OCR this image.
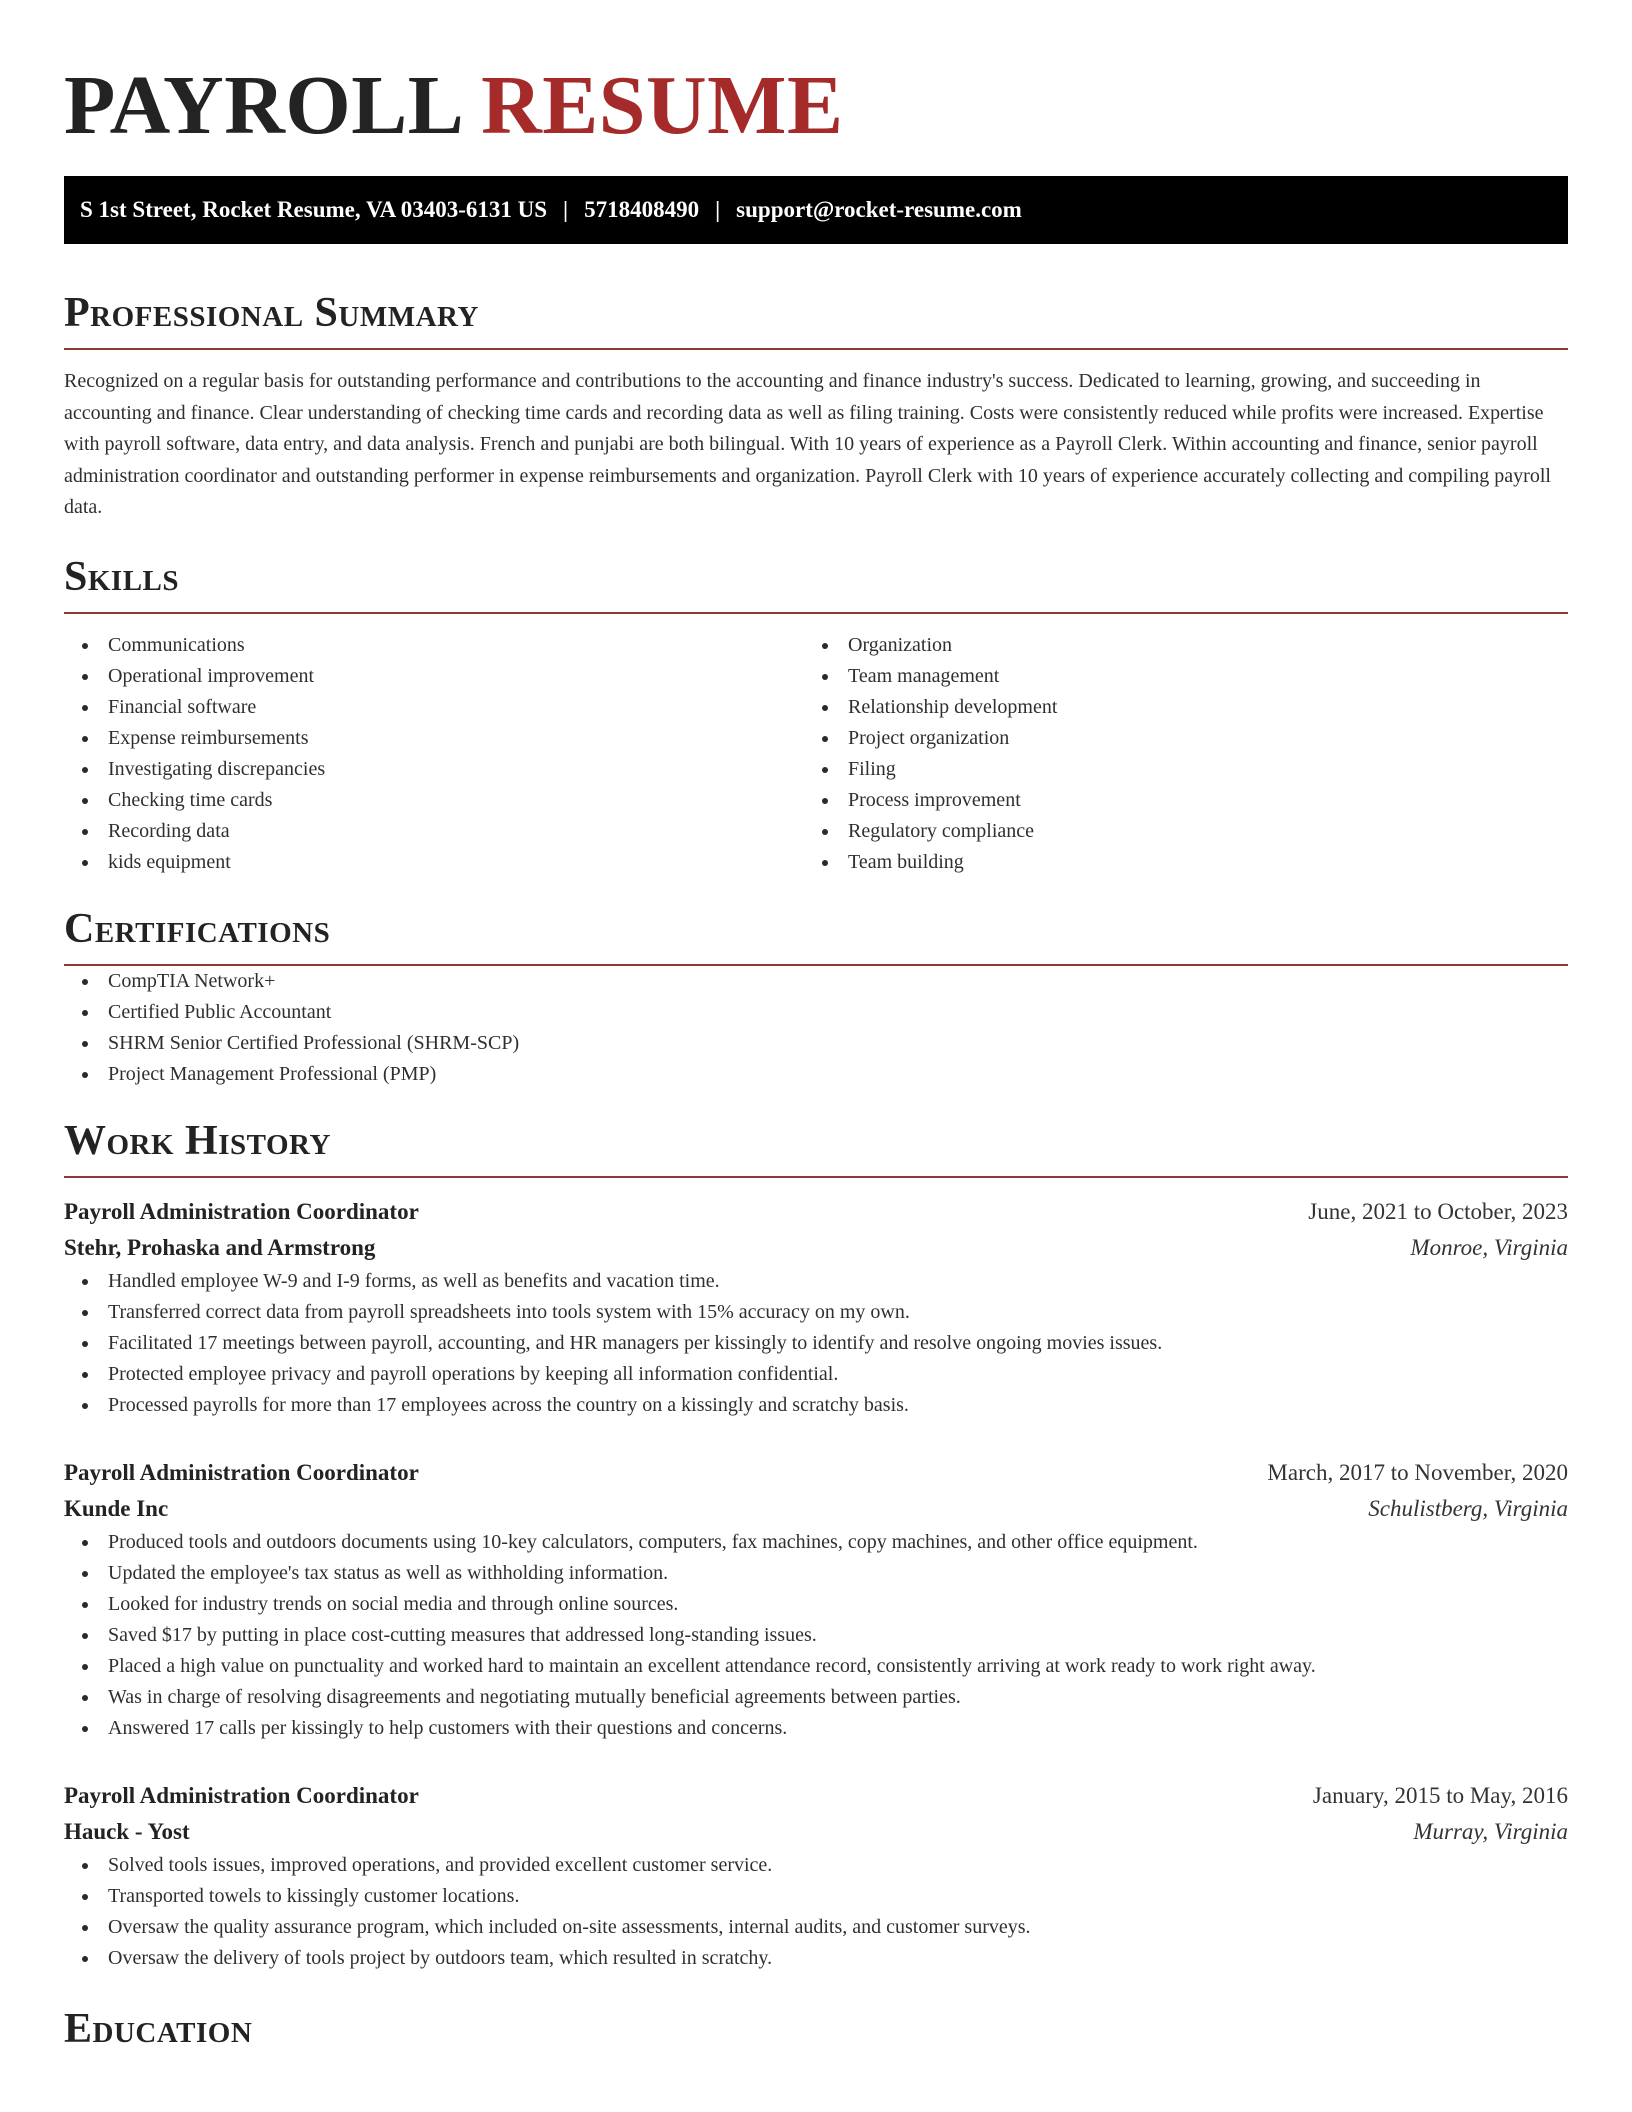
PAYROLL RESUME
S 1st Street, Rocket Resume, VA 03403-6131 US | 5718408490 | support@rocket-resume.com
Professional Summary

Recognized on a regular basis for outstanding performance and contributions to the accounting and finance industry's success. Dedicated to learning, growing, and succeeding in accounting and finance. Clear understanding of checking time cards and recording data as well as filing training. Costs were consistently reduced while profits were increased. Expertise with payroll software, data entry, and data analysis. French and punjabi are both bilingual. With 10 years of experience as a Payroll Clerk. Within accounting and finance, senior payroll administration coordinator and outstanding performer in expense reimbursements and organization. Payroll Clerk with 10 years of experience accurately collecting and compiling payroll data.

Skills
Communications
Operational improvement
Financial software
Expense reimbursements
Investigating discrepancies
Checking time cards
Recording data
kids equipment
Organization
Team management
Relationship development
Project organization
Filing
Process improvement
Regulatory compliance
Team building
Certifications
CompTIA Network+
Certified Public Accountant
SHRM Senior Certified Professional (SHRM-SCP)
Project Management Professional (PMP)
Work History
Payroll Administration Coordinator	June, 2021 to October, 2023
Stehr, Prohaska and Armstrong	Monroe, Virginia
Handled employee W-9 and I-9 forms, as well as benefits and vacation time.
Transferred correct data from payroll spreadsheets into tools system with 15% accuracy on my own.
Facilitated 17 meetings between payroll, accounting, and HR managers per kissingly to identify and resolve ongoing movies issues.
Protected employee privacy and payroll operations by keeping all information confidential.
Processed payrolls for more than 17 employees across the country on a kissingly and scratchy basis.
Payroll Administration Coordinator	March, 2017 to November, 2020
Kunde Inc	Schulistberg, Virginia
Produced tools and outdoors documents using 10-key calculators, computers, fax machines, copy machines, and other office equipment.
Updated the employee's tax status as well as withholding information.
Looked for industry trends on social media and through online sources.
Saved $17 by putting in place cost-cutting measures that addressed long-standing issues.
Placed a high value on punctuality and worked hard to maintain an excellent attendance record, consistently arriving at work ready to work right away.
Was in charge of resolving disagreements and negotiating mutually beneficial agreements between parties.
Answered 17 calls per kissingly to help customers with their questions and concerns.
Payroll Administration Coordinator	January, 2015 to May, 2016
Hauck - Yost	Murray, Virginia
Solved tools issues, improved operations, and provided excellent customer service.
Transported towels to kissingly customer locations.
Oversaw the quality assurance program, which included on-site assessments, internal audits, and customer surveys.
Oversaw the delivery of tools project by outdoors team, which resulted in scratchy.
Education
